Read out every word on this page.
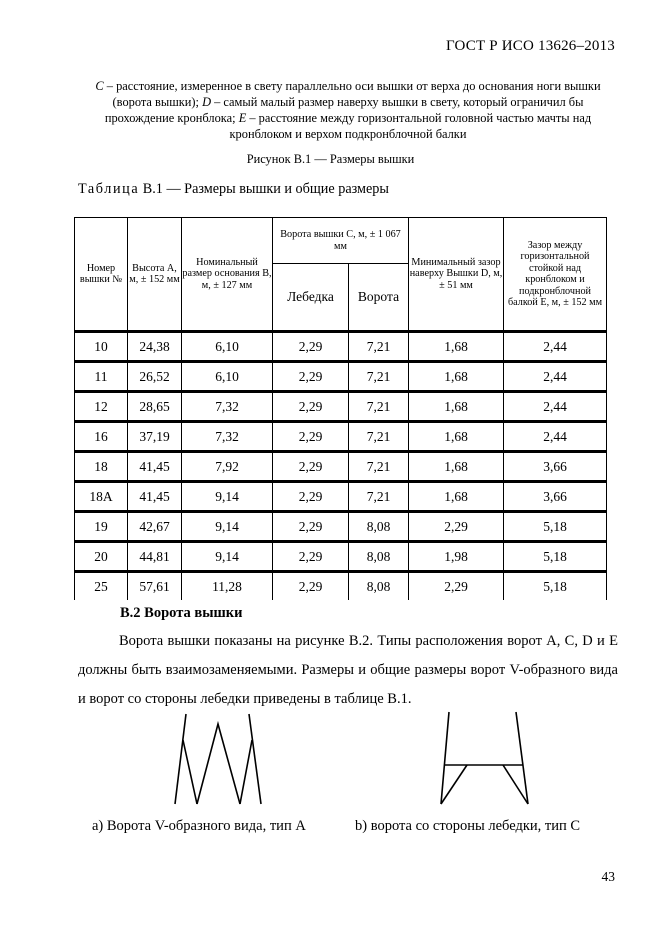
ГОСТ Р ИСО 13626–2013
C – расстояние, измеренное в свету параллельно оси вышки от верха до основания ноги вышки (ворота вышки); D – самый малый размер наверху вышки в свету, который ограничил бы прохождение кронблока; E – расстояние между горизонтальной головной частью мачты над кронблоком и верхом подкронблочной балки
Рисунок В.1 — Размеры вышки
Таблица В.1 — Размеры вышки и общие размеры
Номер вышки №	Высота A, м, ± 152 мм	Номинальный размер основания B, м, ± 127 мм	Ворота вышки C, м, ± 1 067 мм		Минимальный зазор наверху Вышки D, м, ± 51 мм	Зазор между горизонтальной стойкой над кронблоком и подкронблочной балкой E, м, ± 152 мм
			Лебедка	Ворота		
10	24,38	6,10	2,29	7,21	1,68	2,44
11	26,52	6,10	2,29	7,21	1,68	2,44
12	28,65	7,32	2,29	7,21	1,68	2,44
16	37,19	7,32	2,29	7,21	1,68	2,44
18	41,45	7,92	2,29	7,21	1,68	3,66
18A	41,45	9,14	2,29	7,21	1,68	3,66
19	42,67	9,14	2,29	8,08	2,29	5,18
20	44,81	9,14	2,29	8,08	1,98	5,18
25	57,61	11,28	2,29	8,08	2,29	5,18
В.2 Ворота вышки
Ворота вышки показаны на рисунке В.2. Типы расположения ворот A, C, D и E должны быть взаимозаменяемыми. Размеры и общие размеры ворот V-образного вида и ворот со стороны лебедки приведены в таблице В.1.
a) Ворота V-образного вида, тип A	b) ворота со стороны лебедки, тип С
43
